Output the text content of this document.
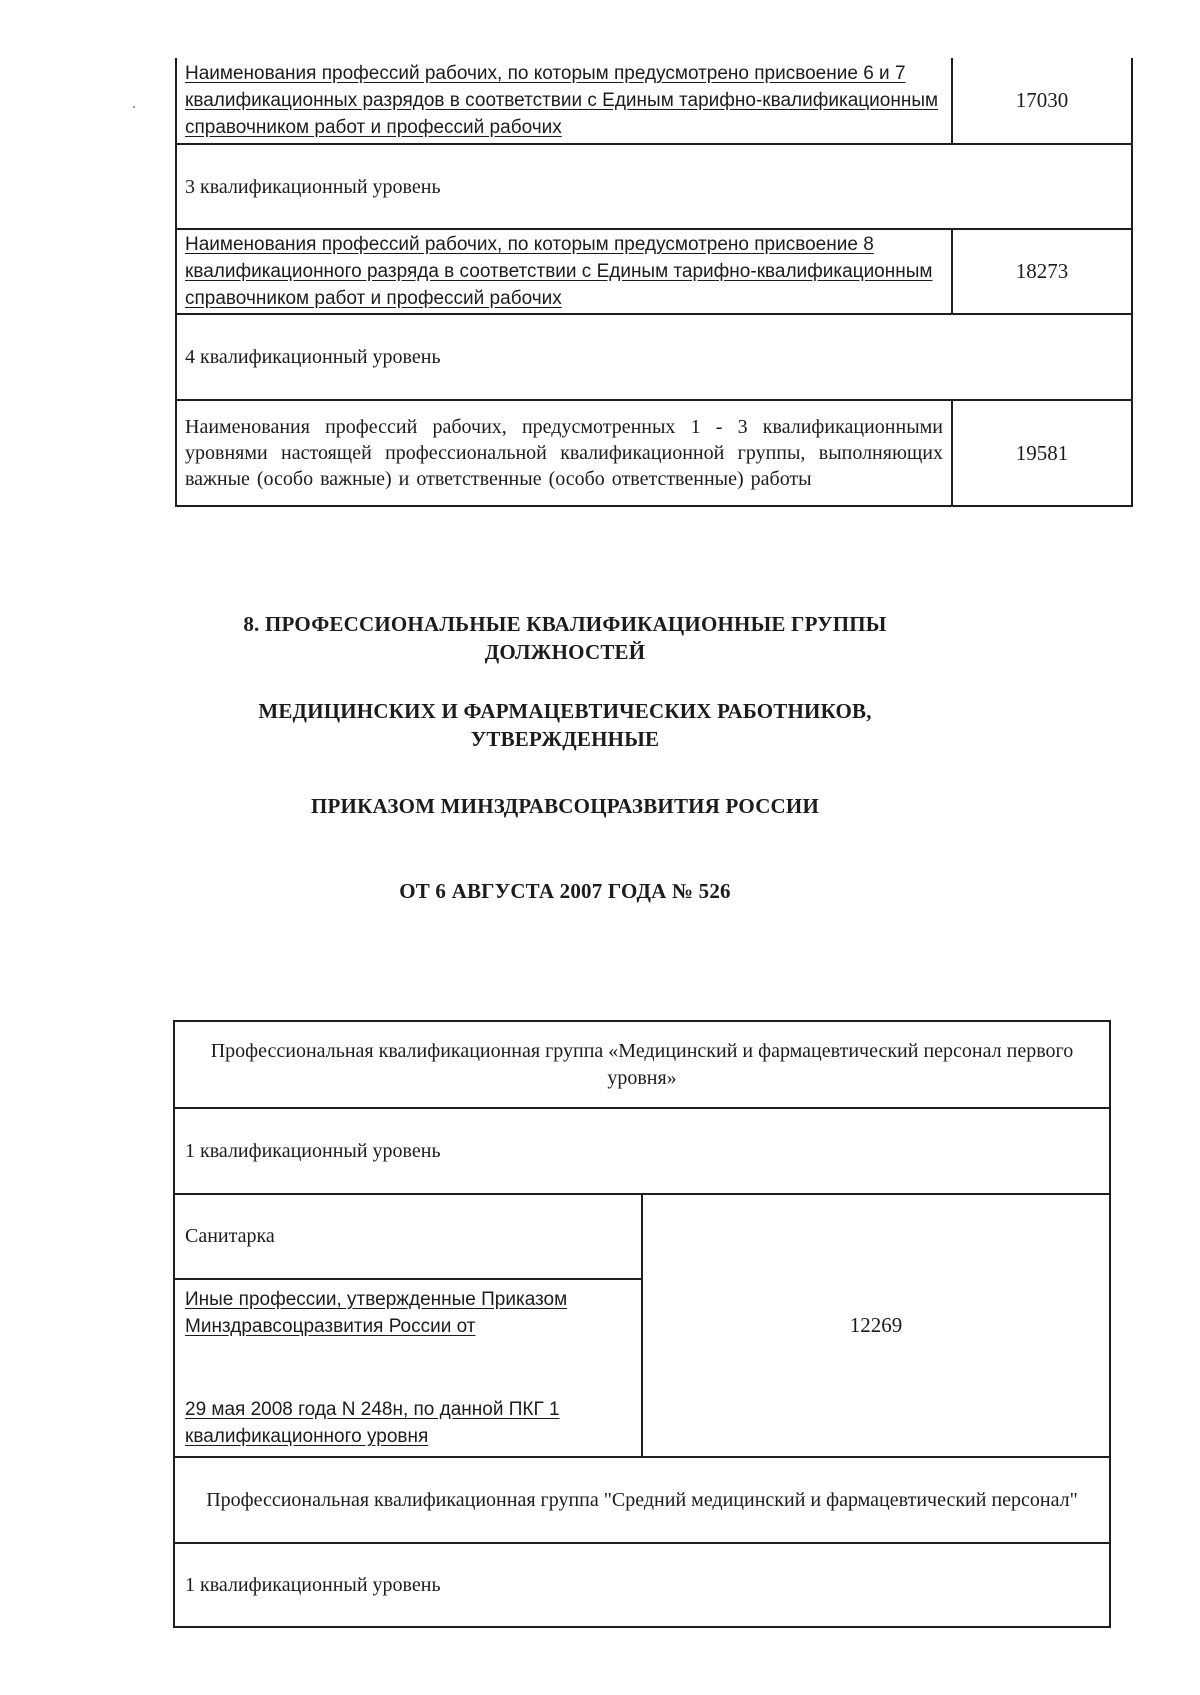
Наименования профессий рабочих, по которым предусмотрено присвоение 6 и 7 квалификационных разрядов в соответствии с Единым тарифно-квалификационным справочником работ и профессий рабочих	17030
3 квалификационный уровень	
Наименования профессий рабочих, по которым предусмотрено присвоение 8 квалификационного разряда в соответствии с Единым тарифно-квалификационным справочником работ и профессий рабочих	18273
4 квалификационный уровень	
Наименования профессий рабочих, предусмотренных 1 - 3 квалификационными уровнями настоящей профессиональной квалификационной группы, выполняющих важные (особо важные) и ответственные (особо ответственные) работы	19581
8. ПРОФЕССИОНАЛЬНЫЕ КВАЛИФИКАЦИОННЫЕ ГРУППЫ
ДОЛЖНОСТЕЙ
МЕДИЦИНСКИХ И ФАРМАЦЕВТИЧЕСКИХ РАБОТНИКОВ,
УТВЕРЖДЕННЫЕ
ПРИКАЗОМ МИНЗДРАВСОЦРАЗВИТИЯ РОССИИ
ОТ 6 АВГУСТА 2007 ГОДА № 526
Профессиональная квалификационная группа «Медицинский и фармацевтический персонал первого уровня»
1 квалификационный уровень
Санитарка	12269

Иные профессии, утвержденные Приказом Минздравсоцразвития России от
29 мая 2008 года N 248н, по данной ПКГ 1 квалификационного уровня

Профессиональная квалификационная группа "Средний медицинский и фармацевтический персонал"
1 квалификационный уровень
